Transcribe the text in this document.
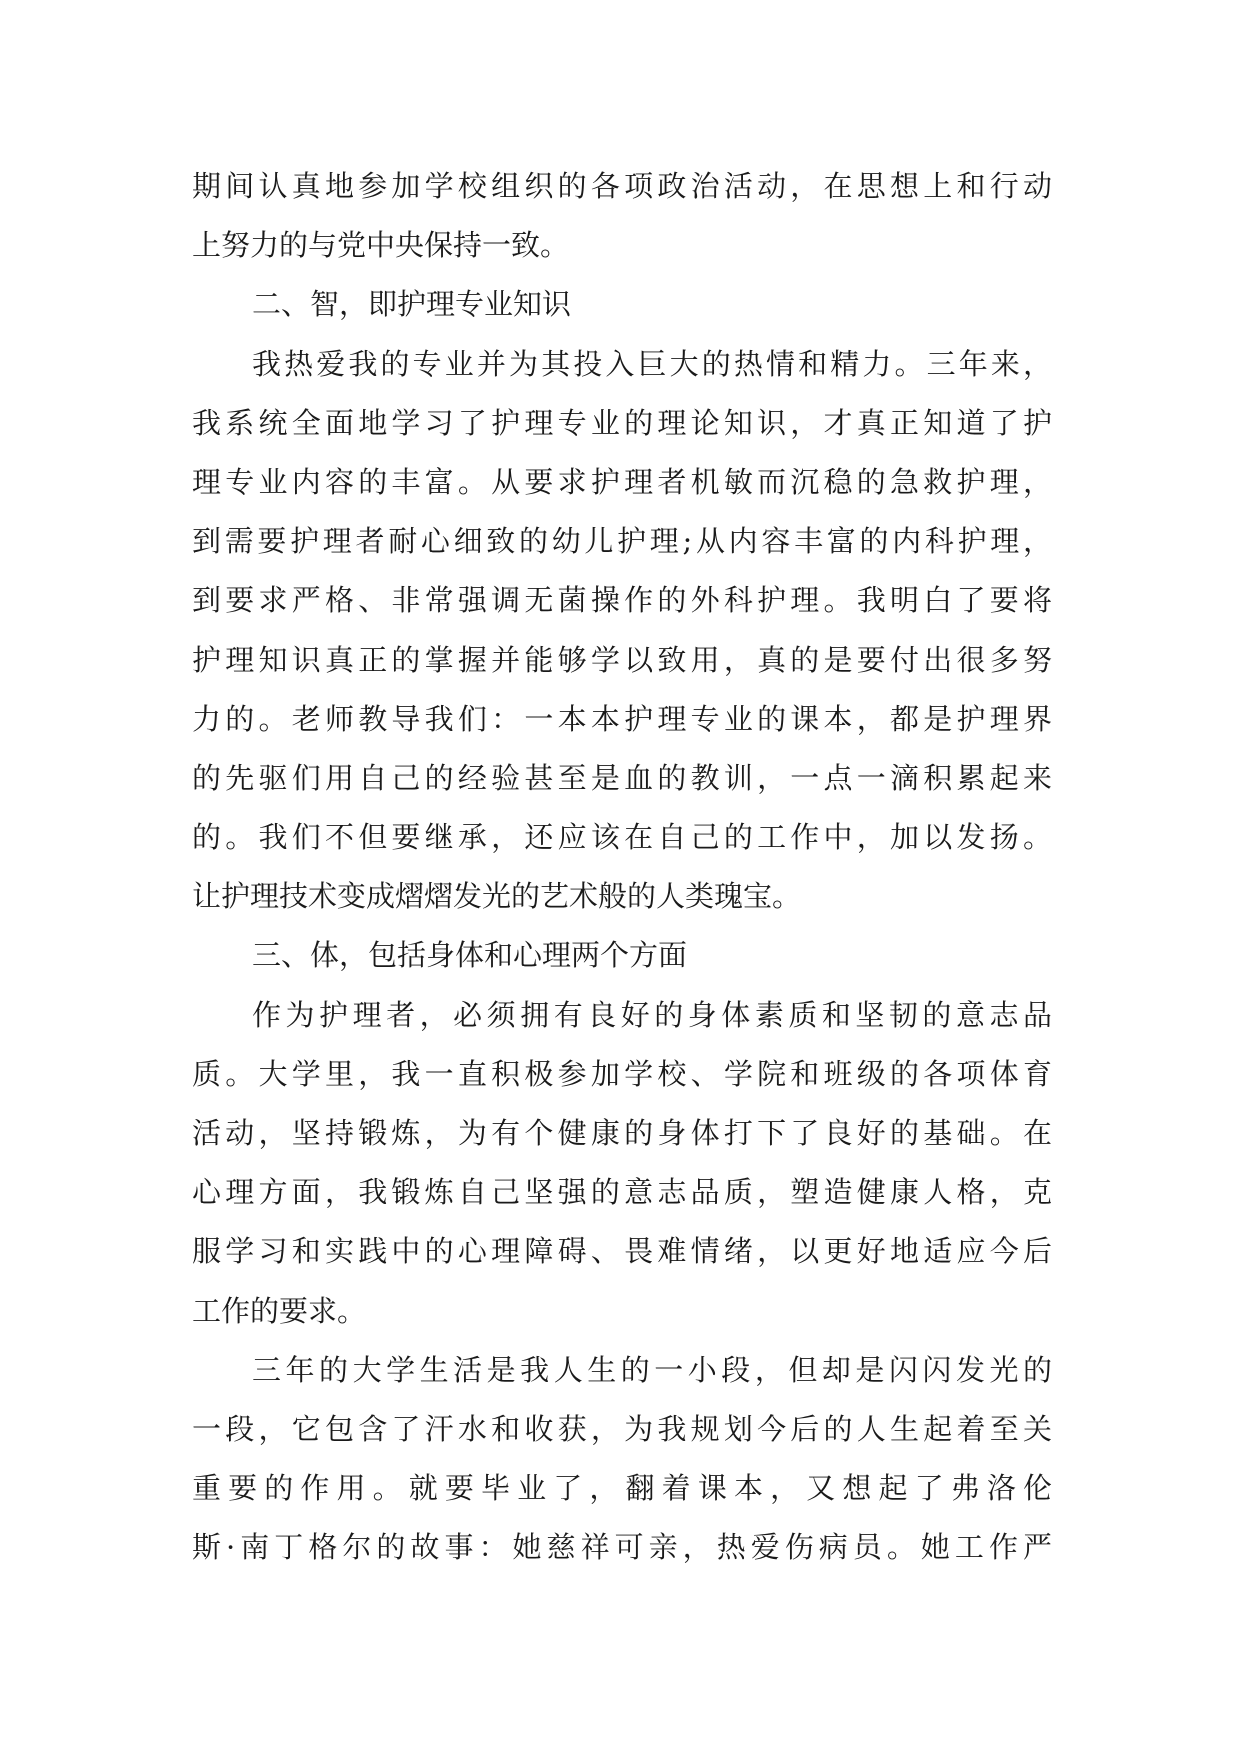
期间认真地参加学校组织的各项政治活动，在思想上和行动
上努力的与党中央保持一致。
二、智，即护理专业知识
我热爱我的专业并为其投入巨大的热情和精力。三年来，
我系统全面地学习了护理专业的理论知识，才真正知道了护
理专业内容的丰富。从要求护理者机敏而沉稳的急救护理，
到需要护理者耐心细致的幼儿护理;从内容丰富的内科护理，
到要求严格、非常强调无菌操作的外科护理。我明白了要将
护理知识真正的掌握并能够学以致用，真的是要付出很多努
力的。老师教导我们：一本本护理专业的课本，都是护理界
的先驱们用自己的经验甚至是血的教训，一点一滴积累起来
的。我们不但要继承，还应该在自己的工作中，加以发扬。
让护理技术变成熠熠发光的艺术般的人类瑰宝。
三、体，包括身体和心理两个方面
作为护理者，必须拥有良好的身体素质和坚韧的意志品
质。大学里，我一直积极参加学校、学院和班级的各项体育
活动，坚持锻炼，为有个健康的身体打下了良好的基础。在
心理方面，我锻炼自己坚强的意志品质，塑造健康人格，克
服学习和实践中的心理障碍、畏难情绪，以更好地适应今后
工作的要求。
三年的大学生活是我人生的一小段，但却是闪闪发光的
一段，它包含了汗水和收获，为我规划今后的人生起着至关
重要的作用。就要毕业了，翻着课本，又想起了弗洛伦
斯·南丁格尔的故事：她慈祥可亲，热爱伤病员。她工作严
